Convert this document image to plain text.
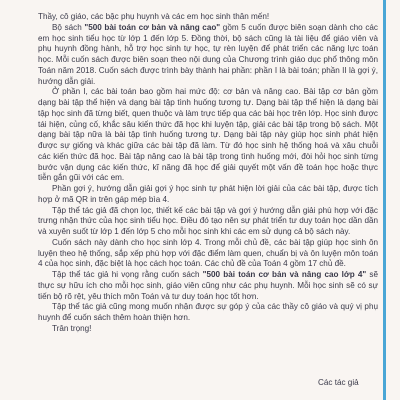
Thầy, cô giáo, các bậc phụ huynh và các em học sinh thân mến!

Bộ sách "500 bài toán cơ bản và nâng cao" gồm 5 cuốn được biên soạn dành cho các em học sinh tiểu học từ lớp 1 đến lớp 5. Đồng thời, bộ sách cũng là tài liệu để giáo viên và phụ huynh đồng hành, hỗ trợ học sinh tự học, tự rèn luyện để phát triển các năng lực toán học. Mỗi cuốn sách được biên soạn theo nội dung của Chương trình giáo dục phổ thông môn Toán năm 2018. Cuốn sách được trình bày thành hai phần: phần I là bài toán; phần II là gợi ý, hướng dẫn giải.

Ở phần I, các bài toán bao gồm hai mức độ: cơ bản và nâng cao. Bài tập cơ bản gồm dạng bài tập thể hiện và dạng bài tập tình huống tương tự. Dạng bài tập thể hiện là dạng bài tập học sinh đã từng biết, quen thuộc và làm trực tiếp qua các bài học trên lớp. Học sinh được tái hiện, củng cố, khắc sâu kiến thức đã học khi luyện tập, giải các bài tập trong bộ sách. Một dạng bài tập nữa là bài tập tình huống tương tự. Dạng bài tập này giúp học sinh phát hiện được sự giống và khác giữa các bài tập đã làm. Từ đó học sinh hệ thống hoá và xâu chuỗi các kiến thức đã học. Bài tập nâng cao là bài tập trong tình huống mới, đòi hỏi học sinh từng bước vận dụng các kiến thức, kĩ năng đã học để giải quyết một vấn đề toán học hoặc thực tiễn gắn gũi với các em.

Phần gợi ý, hướng dẫn giải gợi ý học sinh tự phát hiện lời giải của các bài tập, được tích hợp ở mã QR in trên gáp mép bìa 4.

Tập thể tác giả đã chọn lọc, thiết kế các bài tập và gợi ý hướng dẫn giải phù hợp với đặc trưng nhận thức của học sinh tiểu học. Điều đó tạo nên sự phát triển tư duy toán học dần dần và xuyên suốt từ lớp 1 đến lớp 5 cho mỗi học sinh khi các em sử dụng cả bộ sách này.

Cuốn sách này dành cho học sinh lớp 4. Trong mỗi chủ đề, các bài tập giúp học sinh ôn luyện theo hệ thống, sắp xếp phù hợp với đặc điểm làm quen, chuẩn bị và ôn luyện môn toán 4 của học sinh, đặc biệt là học cách học toán. Các chủ đề của Toán 4 gồm 17 chủ đề.

Tập thể tác giả hi vọng rằng cuốn sách "500 bài toán cơ bản và nâng cao lớp 4" sẽ thực sự hữu ích cho mỗi học sinh, giáo viên cũng như các phụ huynh. Mỗi học sinh sẽ có sự tiến bộ rõ rệt, yêu thích môn Toán và tư duy toán học tốt hơn.

Tập thể tác giả cũng mong muốn nhận được sự góp ý của các thầy cô giáo và quý vị phụ huynh để cuốn sách thêm hoàn thiện hơn.

Trân trọng!

Các tác giả
